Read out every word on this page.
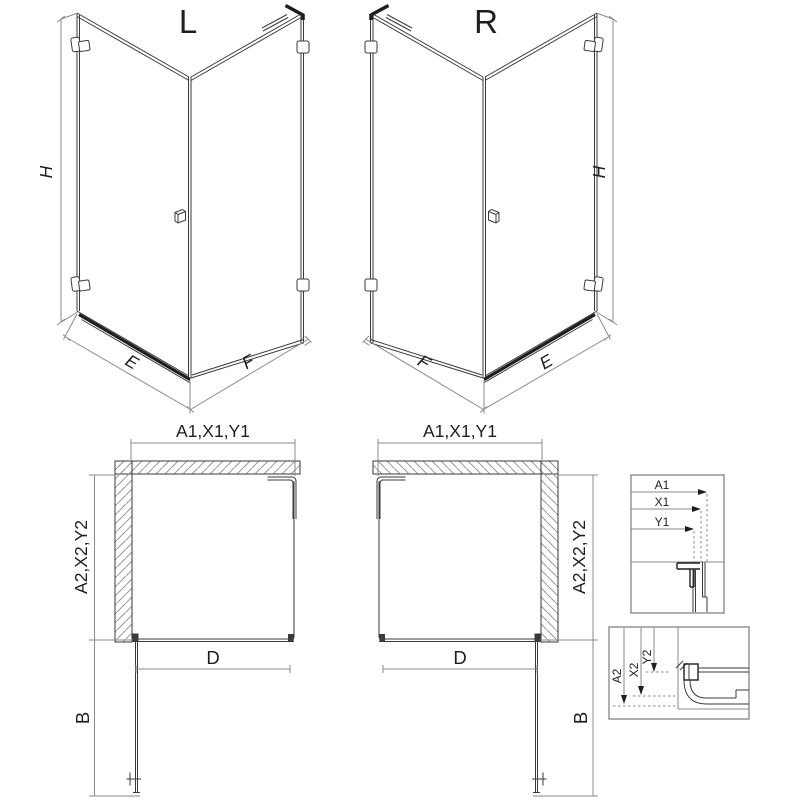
L
H
E	F
R
H
F	E
A1,X1,Y1
A2,X2,Y2
D
B
A1,X1,Y1
A2,X2,Y2
D
B
A1
X1
Y1
A2 X2
Y2
